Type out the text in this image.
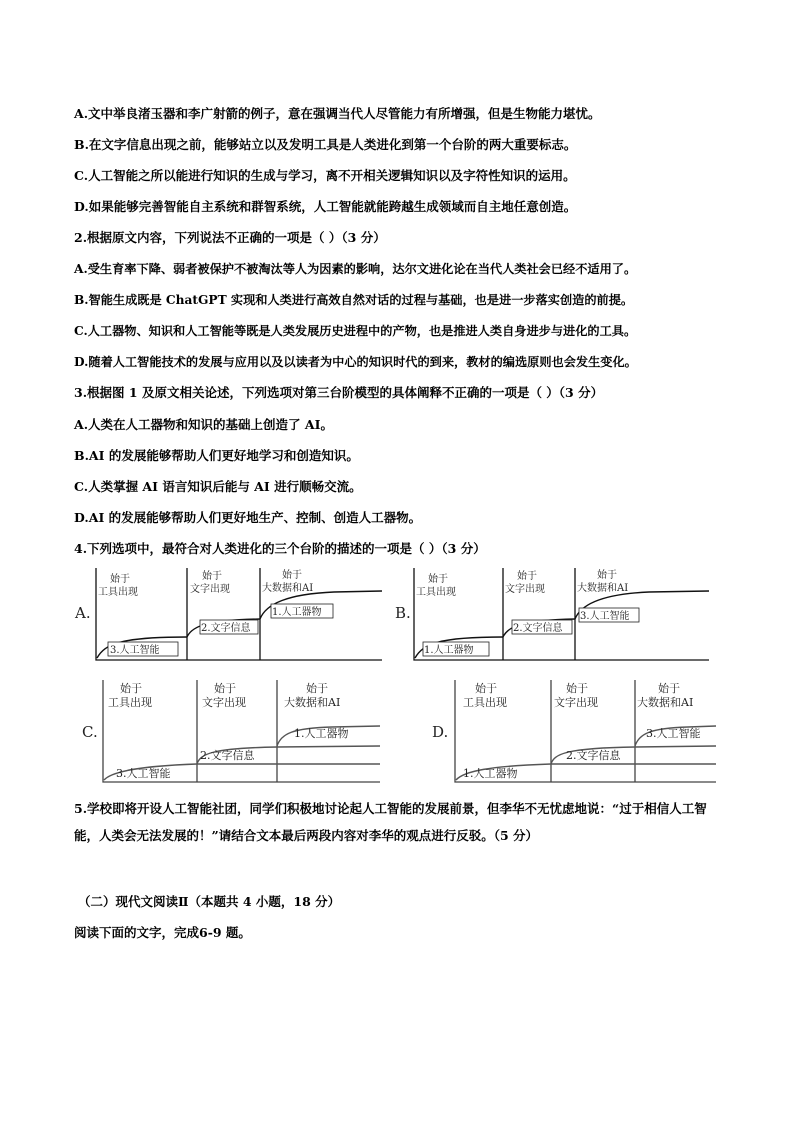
A.文中举良渚玉器和李广射箭的例子，意在强调当代人尽管能力有所增强，但是生物能力堪忧。
B.在文字信息出现之前，能够站立以及发明工具是人类进化到第一个台阶的两大重要标志。
C.人工智能之所以能进行知识的生成与学习，离不开相关逻辑知识以及字符性知识的运用。
D.如果能够完善智能自主系统和群智系统，人工智能就能跨越生成领域而自主地任意创造。
2.根据原文内容，下列说法不正确的一项是（ ）（3 分）
A.受生育率下降、弱者被保护不被淘汰等人为因素的影响，达尔文进化论在当代人类社会已经不适用了。
B.智能生成既是 ChatGPT 实现和人类进行高效自然对话的过程与基础，也是进一步落实创造的前提。
C.人工器物、知识和人工智能等既是人类发展历史进程中的产物，也是推进人类自身进步与进化的工具。
D.随着人工智能技术的发展与应用以及以读者为中心的知识时代的到来，教材的编选原则也会发生变化。
3.根据图 1 及原文相关论述，下列选项对第三台阶模型的具体阐释不正确的一项是（ ）（3 分）
A.人类在人工器物和知识的基础上创造了 AI。
B.AI 的发展能够帮助人们更好地学习和创造知识。
C.人类掌握 AI 语言知识后能与 AI 进行顺畅交流。
D.AI 的发展能够帮助人们更好地生产、控制、创造人工器物。
4.下列选项中，最符合对人类进化的三个台阶的描述的一项是（ ）（3 分）
A.
始于
工具出现
始于
文字出现
始于
大数据和AI
3.人工智能
2.文字信息
1.人工器物	B.
始于
工具出现
始于
文字出现
始于
大数据和AI
1.人工器物
2.文字信息
3.人工智能
C.
始于
工具出现
始于
文字出现
始于
大数据和AI
3.人工智能
2.文字信息
1.人工器物	D.
始于
工具出现
始于
文字出现
始于
大数据和AI
1.人工器物
2.文字信息
3.人工智能
5.学校即将开设人工智能社团，同学们积极地讨论起人工智能的发展前景，但李华不无忧虑地说：“过于相信人工智能，人类会无法发展的！”请结合文本最后两段内容对李华的观点进行反驳。（5 分）
（二）现代文阅读Ⅱ（本题共 4 小题，18 分）
阅读下面的文字，完成6-9 题。
